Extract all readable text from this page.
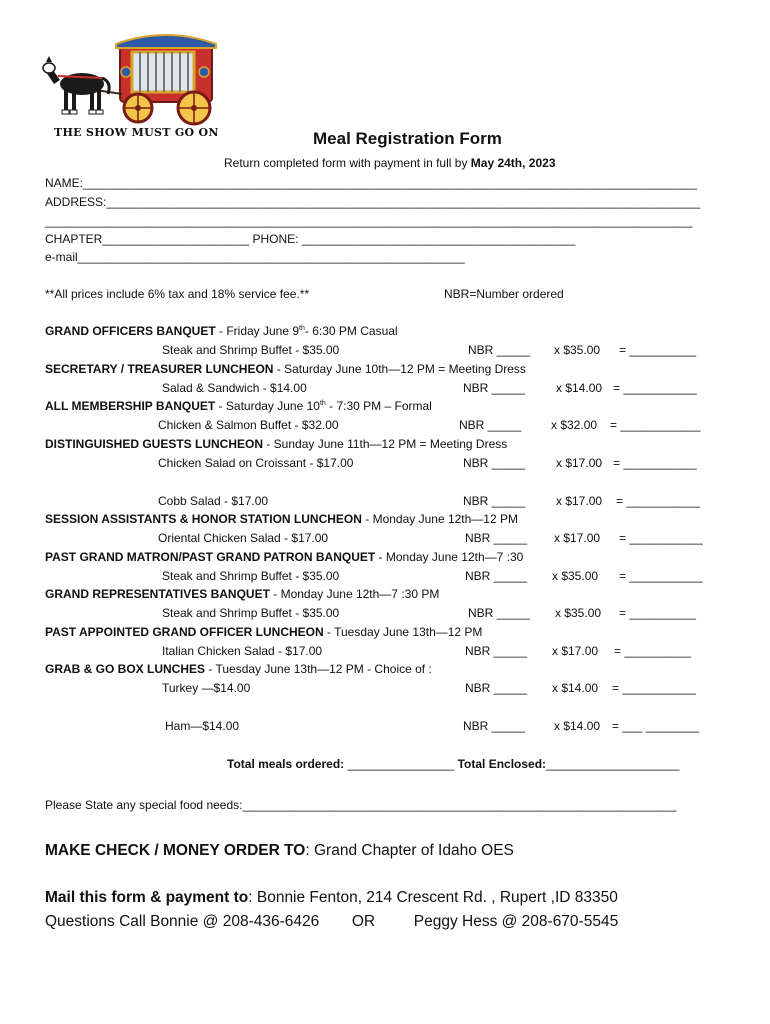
THE SHOW MUST GO ON	Meal Registration Form
Return completed form with payment in full by May 24th, 2023
NAME:____________________________________________________________________________________________
ADDRESS:_________________________________________________________________________________________
_________________________________________________________________________________________________
CHAPTER______________________ PHONE: _________________________________________
e-mail__________________________________________________________
**All prices include 6% tax and 18% service fee.**	NBR=Number ordered
GRAND OFFICERS BANQUET - Friday June 9th- 6:30 PM Casual
Steak and Shrimp Buffet - $35.00	NBR _____ x $35.00 = __________
SECRETARY / TREASURER LUNCHEON - Saturday June 10th—12 PM = Meeting Dress
Salad & Sandwich - $14.00	NBR _____	x $14.00 = ___________
ALL MEMBERSHIP BANQUET - Saturday June 10th - 7:30 PM – Formal
Chicken & Salmon Buffet - $32.00	NBR _____ x $32.00 = ____________
DISTINGUISHED GUESTS LUNCHEON - Sunday June 11th—12 PM = Meeting Dress
Chicken Salad on Croissant - $17.00	NBR _____	x $17.00 = ___________
Cobb Salad - $17.00	NBR _____	x $17.00 = ___________
SESSION ASSISTANTS & HONOR STATION LUNCHEON - Monday June 12th—12 PM
Oriental Chicken Salad - $17.00	NBR _____ x $17.00 = ___________
PAST GRAND MATRON/PAST GRAND PATRON BANQUET - Monday June 12th—7 :30
Steak and Shrimp Buffet - $35.00	NBR _____ x $35.00 = ___________
GRAND REPRESENTATIVES BANQUET - Monday June 12th—7 :30 PM
Steak and Shrimp Buffet - $35.00	NBR _____ x $35.00 = __________
PAST APPOINTED GRAND OFFICER LUNCHEON - Tuesday June 13th—12 PM
Italian Chicken Salad - $17.00	NBR _____ x $17.00 = __________
GRAB & GO BOX LUNCHES - Tuesday June 13th—12 PM - Choice of :
Turkey —$14.00	NBR _____ x $14.00 = ___________
Ham—$14.00	NBR _____ x $14.00 = ___ ________
Total meals ordered: ________________ Total Enclosed:____________________
Please State any special food needs:_________________________________________________________________
MAKE CHECK / MONEY ORDER TO: Grand Chapter of Idaho OES
Mail this form & payment to: Bonnie Fenton, 214 Crescent Rd. , Rupert ,ID 83350
Questions Call Bonnie @ 208-436-6426 OR Peggy Hess @ 208-670-5545
